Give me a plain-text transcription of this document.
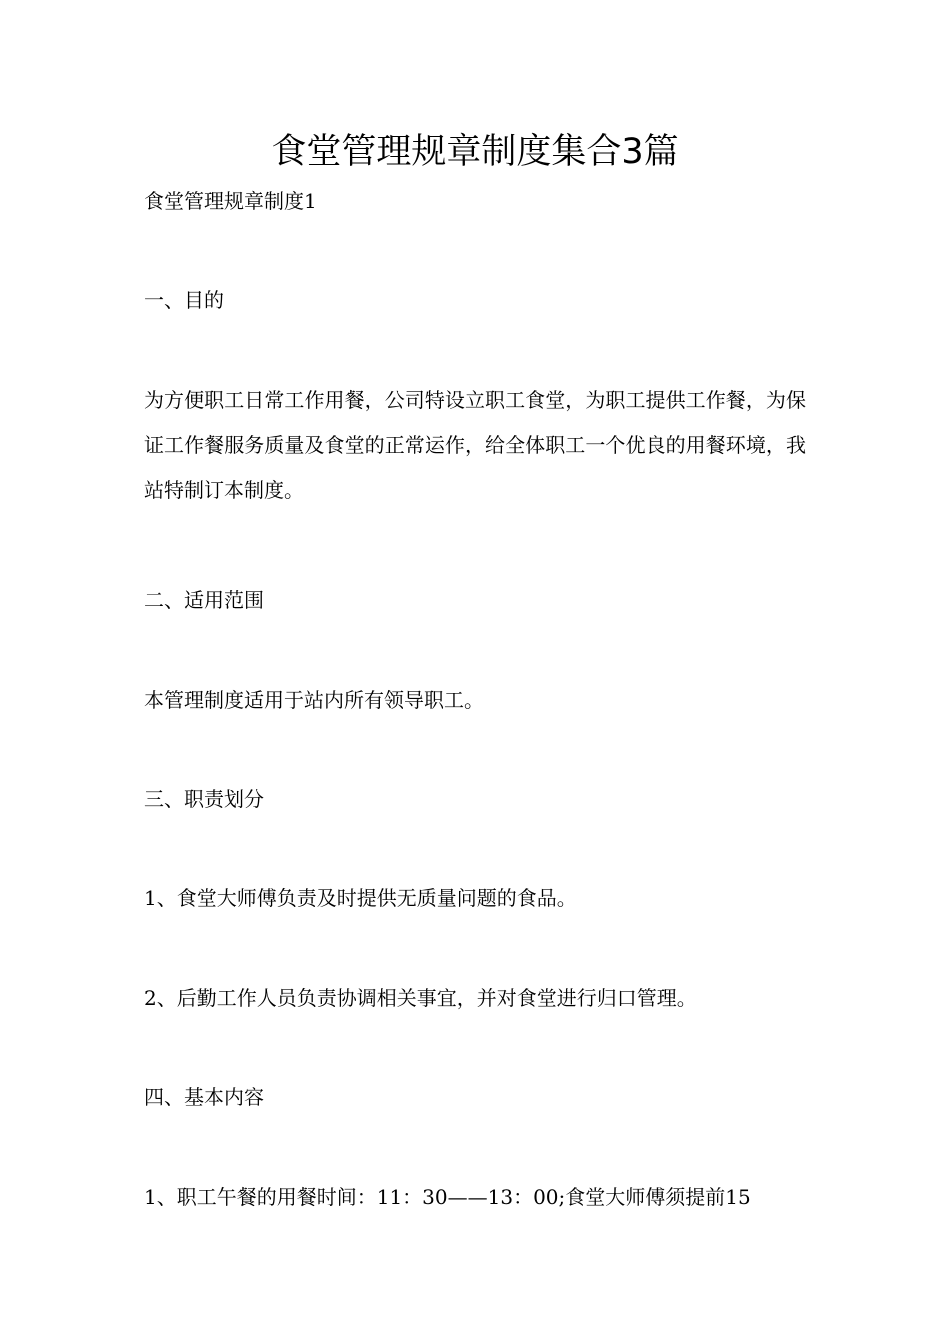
食堂管理规章制度集合3篇

食堂管理规章制度1

一、目的

为方便职工日常工作用餐，公司特设立职工食堂，为职工提供工作餐，为保证工作餐服务质量及食堂的正常运作，给全体职工一个优良的用餐环境，我站特制订本制度。

二、适用范围

本管理制度适用于站内所有领导职工。

三、职责划分

1、食堂大师傅负责及时提供无质量问题的食品。

2、后勤工作人员负责协调相关事宜，并对食堂进行归口管理。

四、基本内容

1、职工午餐的用餐时间：11：30——13：00;食堂大师傅须提前15
